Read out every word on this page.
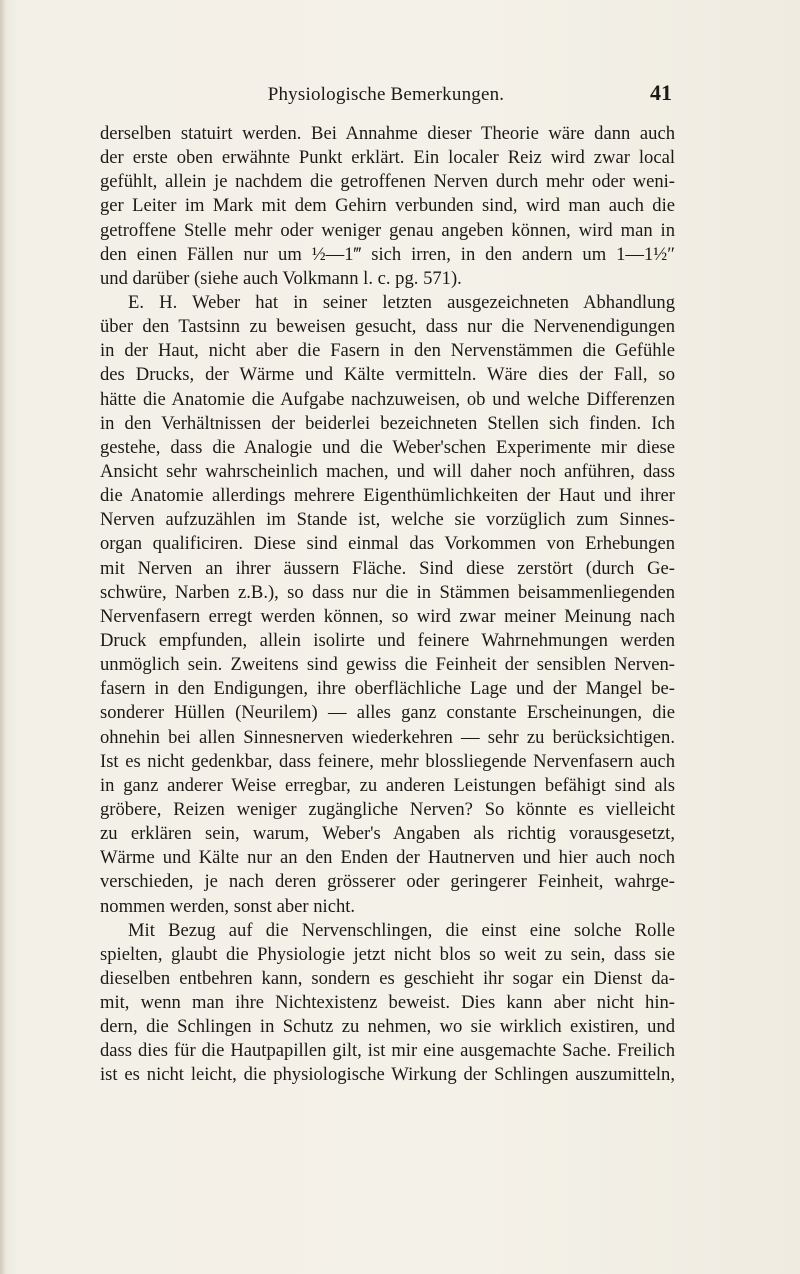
Physiologische Bemerkungen.	41
derselben statuirt werden. Bei Annahme dieser Theorie wäre dann auch
der erste oben erwähnte Punkt erklärt. Ein localer Reiz wird zwar local
gefühlt, allein je nachdem die getroffenen Nerven durch mehr oder weni-
ger Leiter im Mark mit dem Gehirn verbunden sind, wird man auch die
getroffene Stelle mehr oder weniger genau angeben können, wird man in
den einen Fällen nur um ½—1‴ sich irren, in den andern um 1—1½″
und darüber (siehe auch Volkmann l. c. pg. 571).
E. H. Weber hat in seiner letzten ausgezeichneten Abhandlung
über den Tastsinn zu beweisen gesucht, dass nur die Nervenendigungen
in der Haut, nicht aber die Fasern in den Nervenstämmen die Gefühle
des Drucks, der Wärme und Kälte vermitteln. Wäre dies der Fall, so
hätte die Anatomie die Aufgabe nachzuweisen, ob und welche Differenzen
in den Verhältnissen der beiderlei bezeichneten Stellen sich finden. Ich
gestehe, dass die Analogie und die Weber'schen Experimente mir diese
Ansicht sehr wahrscheinlich machen, und will daher noch anführen, dass
die Anatomie allerdings mehrere Eigenthümlichkeiten der Haut und ihrer
Nerven aufzuzählen im Stande ist, welche sie vorzüglich zum Sinnes-
organ qualificiren. Diese sind einmal das Vorkommen von Erhebungen
mit Nerven an ihrer äussern Fläche. Sind diese zerstört (durch Ge-
schwüre, Narben z.B.), so dass nur die in Stämmen beisammenliegenden
Nervenfasern erregt werden können, so wird zwar meiner Meinung nach
Druck empfunden, allein isolirte und feinere Wahrnehmungen werden
unmöglich sein. Zweitens sind gewiss die Feinheit der sensiblen Nerven-
fasern in den Endigungen, ihre oberflächliche Lage und der Mangel be-
sonderer Hüllen (Neurilem) — alles ganz constante Erscheinungen, die
ohnehin bei allen Sinnesnerven wiederkehren — sehr zu berücksichtigen.
Ist es nicht gedenkbar, dass feinere, mehr blossliegende Nervenfasern auch
in ganz anderer Weise erregbar, zu anderen Leistungen befähigt sind als
gröbere, Reizen weniger zugängliche Nerven? So könnte es vielleicht
zu erklären sein, warum, Weber's Angaben als richtig vorausgesetzt,
Wärme und Kälte nur an den Enden der Hautnerven und hier auch noch
verschieden, je nach deren grösserer oder geringerer Feinheit, wahrge-
nommen werden, sonst aber nicht.
Mit Bezug auf die Nervenschlingen, die einst eine solche Rolle
spielten, glaubt die Physiologie jetzt nicht blos so weit zu sein, dass sie
dieselben entbehren kann, sondern es geschieht ihr sogar ein Dienst da-
mit, wenn man ihre Nichtexistenz beweist. Dies kann aber nicht hin-
dern, die Schlingen in Schutz zu nehmen, wo sie wirklich existiren, und
dass dies für die Hautpapillen gilt, ist mir eine ausgemachte Sache. Freilich
ist es nicht leicht, die physiologische Wirkung der Schlingen auszumitteln,
